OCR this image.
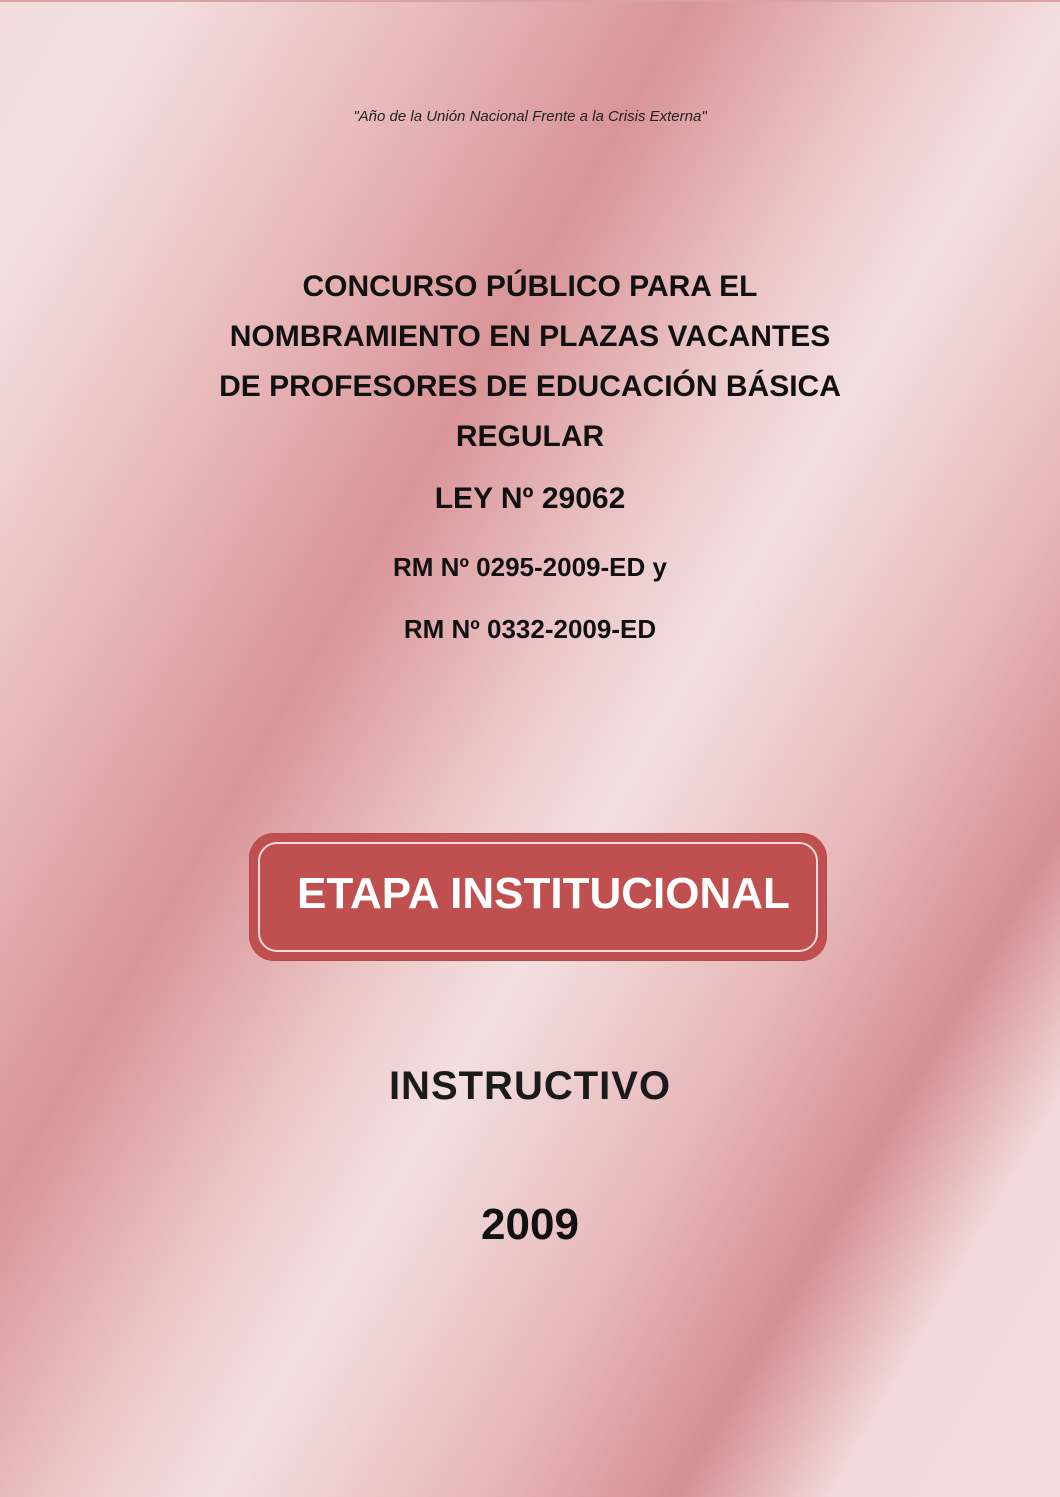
"Año de la Unión Nacional Frente a la Crisis Externa"
CONCURSO PÚBLICO PARA EL
NOMBRAMIENTO EN PLAZAS VACANTES
DE PROFESORES DE EDUCACIÓN BÁSICA
REGULAR
LEY Nº 29062
RM Nº 0295-2009-ED y
RM Nº 0332-2009-ED
ETAPA INSTITUCIONAL
INSTRUCTIVO
2009
